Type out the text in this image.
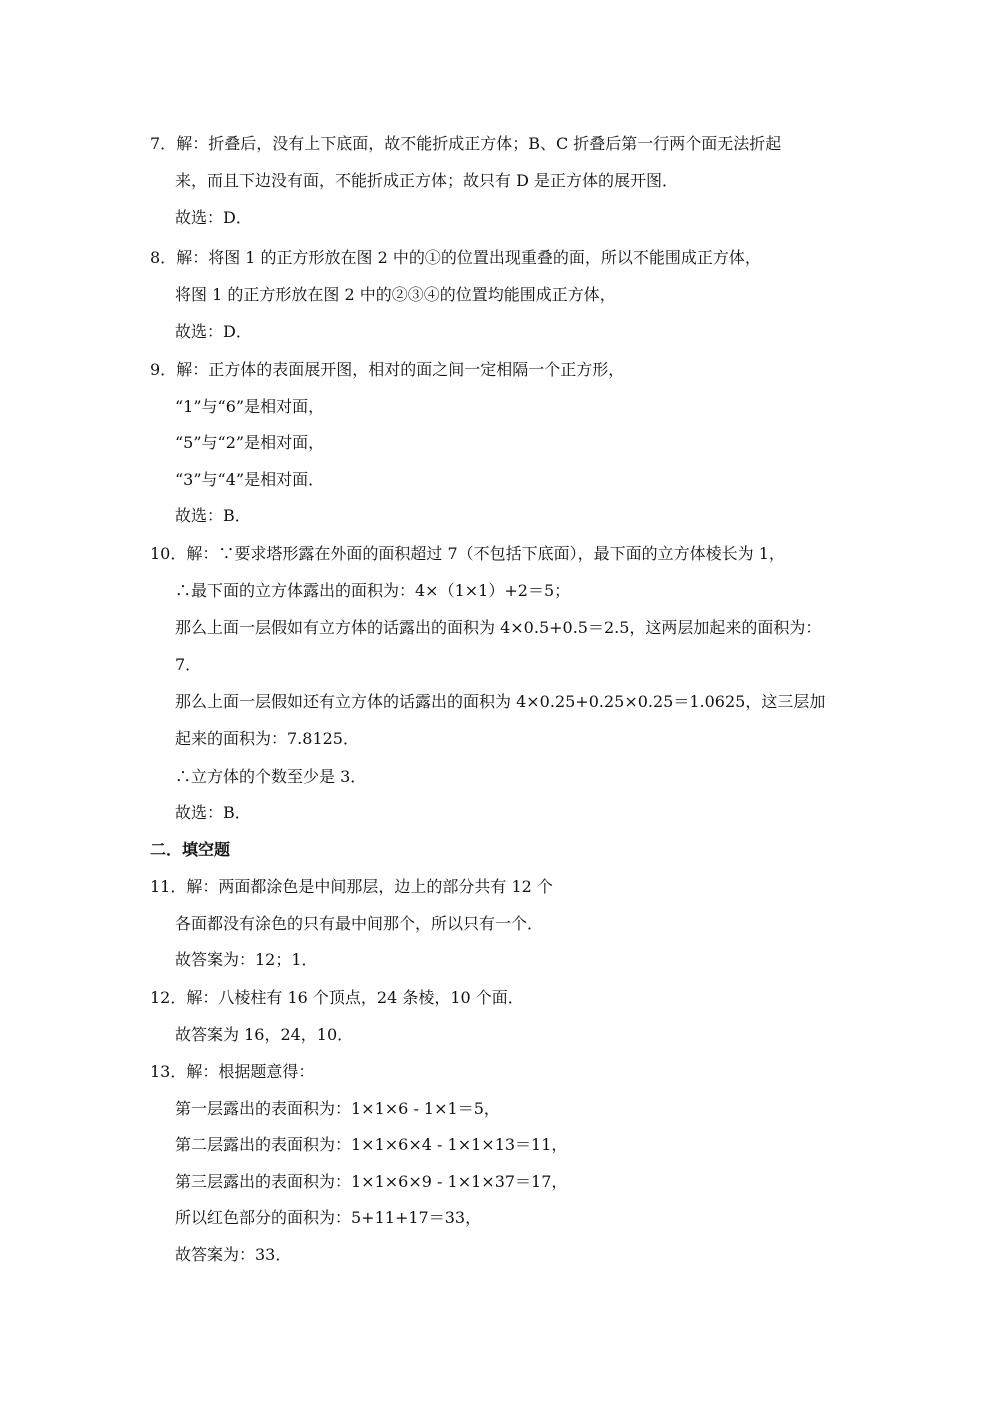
7．解：折叠后，没有上下底面，故不能折成正方体；B、C 折叠后第一行两个面无法折起
来，而且下边没有面，不能折成正方体；故只有 D 是正方体的展开图．
故选：D．
8．解：将图 1 的正方形放在图 2 中的①的位置出现重叠的面，所以不能围成正方体，
将图 1 的正方形放在图 2 中的②③④的位置均能围成正方体，
故选：D．
9．解：正方体的表面展开图，相对的面之间一定相隔一个正方形，
“1”与“6”是相对面，
“5”与“2”是相对面，
“3”与“4”是相对面．
故选：B．
10．解：∵要求塔形露在外面的面积超过 7（不包括下底面），最下面的立方体棱长为 1，
∴最下面的立方体露出的面积为：4×（1×1）+2＝5；
那么上面一层假如有立方体的话露出的面积为 4×0.5+0.5＝2.5，这两层加起来的面积为：
7．
那么上面一层假如还有立方体的话露出的面积为 4×0.25+0.25×0.25＝1.0625，这三层加
起来的面积为：7.8125．
∴立方体的个数至少是 3．
故选：B．
二．填空题
11．解：两面都涂色是中间那层，边上的部分共有 12 个
各面都没有涂色的只有最中间那个，所以只有一个．
故答案为：12；1．
12．解：八棱柱有 16 个顶点，24 条棱，10 个面．
故答案为 16，24，10．
13．解：根据题意得：
第一层露出的表面积为：1×1×6 - 1×1＝5，
第二层露出的表面积为：1×1×6×4 - 1×1×13＝11，
第三层露出的表面积为：1×1×6×9 - 1×1×37＝17，
所以红色部分的面积为：5+11+17＝33，
故答案为：33．
